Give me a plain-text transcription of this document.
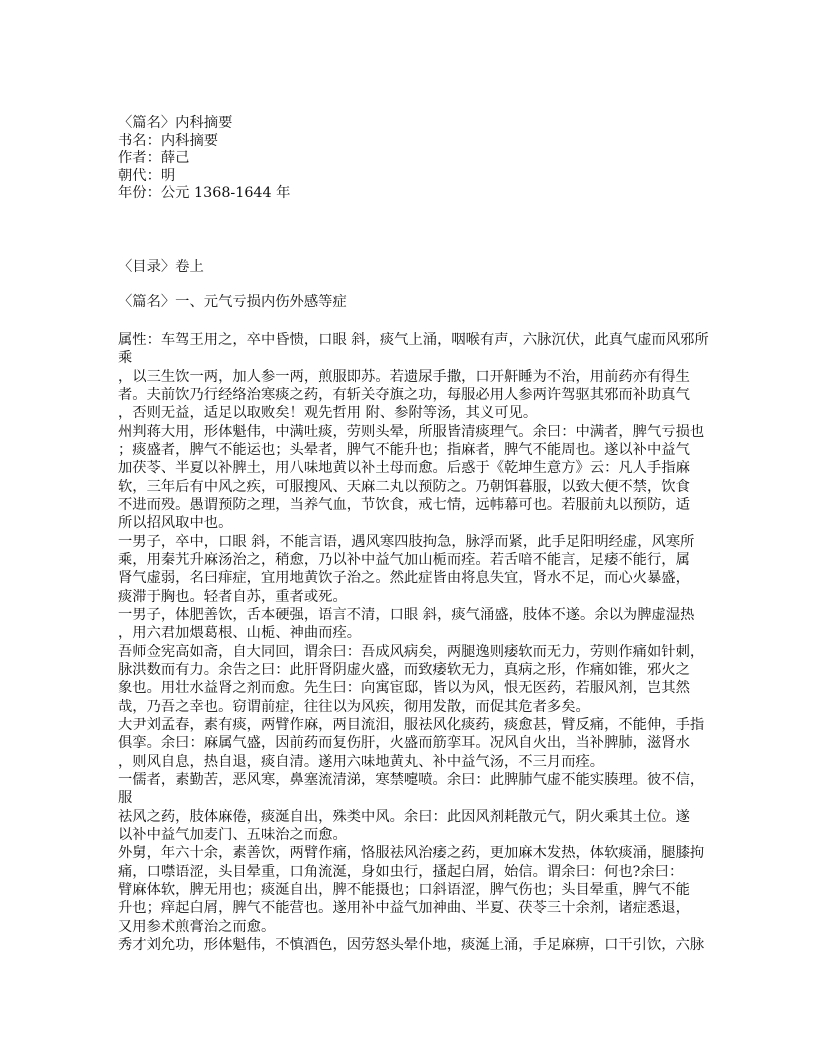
〈篇名〉内科摘要
书名：内科摘要
作者：薛己
朝代：明
年份：公元 1368-1644 年
〈目录〉卷上
〈篇名〉一、元气亏损内伤外感等症
属性：车驾王用之，卒中昏愦，口眼 斜，痰气上涌，咽喉有声，六脉沉伏，此真气虚而风邪所
乘
，以三生饮一两，加人参一两，煎服即苏。若遗尿手撒，口开鼾睡为不治，用前药亦有得生
者。夫前饮乃行经络治寒痰之药，有斩关夺旗之功，每服必用人参两许驾驱其邪而补助真气
，否则无益，适足以取败矣！观先哲用 附、参附等汤，其义可见。
州判蒋大用，形体魁伟，中满吐痰，劳则头晕，所服皆清痰理气。余曰：中满者，脾气亏损也
；痰盛者，脾气不能运也；头晕者，脾气不能升也；指麻者，脾气不能周也。遂以补中益气
加茯苓、半夏以补脾土，用八味地黄以补土母而愈。后惑于《乾坤生意方》云：凡人手指麻
软，三年后有中风之疾，可服搜风、天麻二丸以预防之。乃朝饵暮服，以致大便不禁，饮食
不进而殁。愚谓预防之理，当养气血，节饮食，戒七情，远帏幕可也。若服前丸以预防，适
所以招风取中也。
一男子，卒中，口眼 斜，不能言语，遇风寒四肢拘急，脉浮而紧，此手足阳明经虚，风寒所
乘，用秦艽升麻汤治之，稍愈，乃以补中益气加山栀而痊。若舌喑不能言，足痿不能行，属
肾气虚弱，名曰痱症，宜用地黄饮子治之。然此症皆由将息失宜，肾水不足，而心火暴盛，
痰滞于胸也。轻者自苏，重者或死。
一男子，体肥善饮，舌本硬强，语言不清，口眼 斜，痰气涌盛，肢体不遂。余以为脾虚湿热
，用六君加煨葛根、山栀、神曲而痊。
吾师佥宪高如斋，自大同回，谓余曰：吾成风病矣，两腿逸则痿软而无力，劳则作痛如针刺，
脉洪数而有力。余告之曰：此肝肾阴虚火盛，而致痿软无力，真病之形，作痛如锥，邪火之
象也。用壮水益肾之剂而愈。先生曰：向寓宦邸，皆以为风，恨无医药，若服风剂，岂其然
哉，乃吾之幸也。窃谓前症，往往以为风疾，彻用发散，而促其危者多矣。
大尹刘孟春，素有痰，两臂作麻，两目流泪，服祛风化痰药，痰愈甚，臂反痛，不能伸，手指
俱挛。余曰：麻属气盛，因前药而复伤肝，火盛而筋挛耳。况风自火出，当补脾肺，滋肾水
，则风自息，热自退，痰自清。遂用六味地黄丸、补中益气汤，不三月而痊。
一儒者，素勤苦，恶风寒，鼻塞流清涕，寒禁嚏喷。余曰：此脾肺气虚不能实腠理。彼不信，
服
祛风之药，肢体麻倦，痰涎自出，殊类中风。余曰：此因风剂耗散元气，阴火乘其土位。遂
以补中益气加麦门、五味治之而愈。
外舅，年六十余，素善饮，两臂作痛，恪服祛风治痿之药，更加麻木发热，体软痰涌，腿膝拘
痛，口噤语涩，头目晕重，口角流涎，身如虫行，搔起白屑，始信。谓余曰：何也?余曰：
臂麻体软，脾无用也；痰涎自出，脾不能摄也；口斜语涩，脾气伤也；头目晕重，脾气不能
升也；痒起白屑，脾气不能营也。遂用补中益气加神曲、半夏、茯苓三十余剂，诸症悉退，
又用参术煎膏治之而愈。
秀才刘允功，形体魁伟，不慎酒色，因劳怒头晕仆地，痰涎上涌，手足麻痹，口干引饮，六脉
